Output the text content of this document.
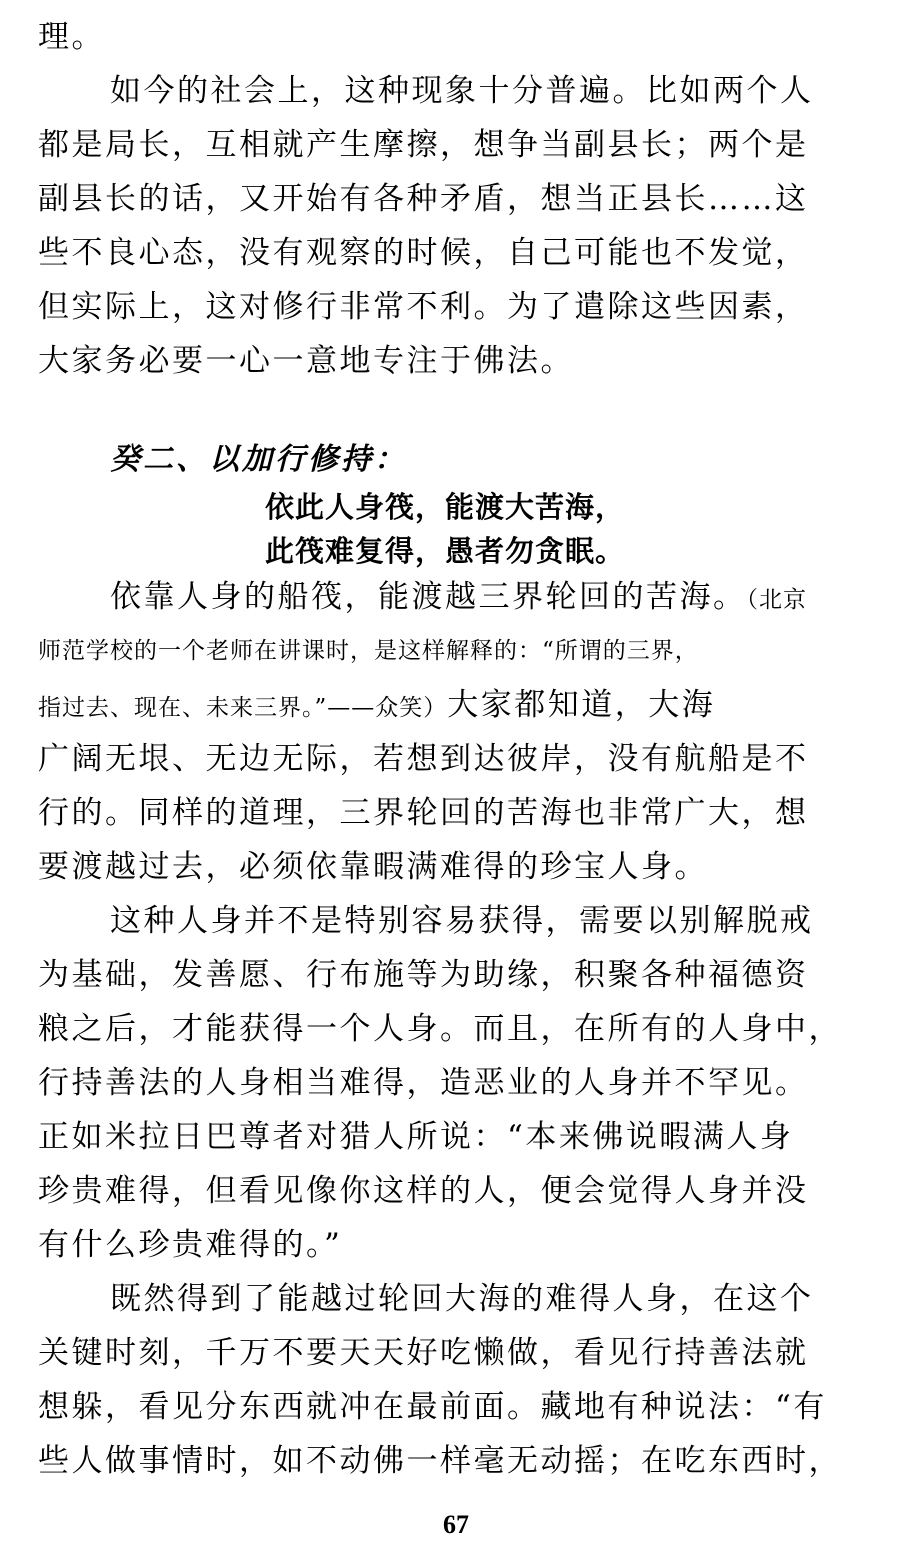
理。
如今的社会上，这种现象十分普遍。比如两个人
都是局长，互相就产生摩擦，想争当副县长；两个是
副县长的话，又开始有各种矛盾，想当正县长……这
些不良心态，没有观察的时候，自己可能也不发觉，
但实际上，这对修行非常不利。为了遣除这些因素，
大家务必要一心一意地专注于佛法。
癸二、以加行修持：
依此人身筏，能渡大苦海，
此筏难复得，愚者勿贪眠。
依靠人身的船筏，能渡越三界轮回的苦海。（北京
师范学校的一个老师在讲课时，是这样解释的：“所谓的三界，
指过去、现在、未来三界。”——众笑）大家都知道，大海
广阔无垠、无边无际，若想到达彼岸，没有航船是不
行的。同样的道理，三界轮回的苦海也非常广大，想
要渡越过去，必须依靠暇满难得的珍宝人身。
这种人身并不是特别容易获得，需要以别解脱戒
为基础，发善愿、行布施等为助缘，积聚各种福德资
粮之后，才能获得一个人身。而且，在所有的人身中，
行持善法的人身相当难得，造恶业的人身并不罕见。
正如米拉日巴尊者对猎人所说：“本来佛说暇满人身
珍贵难得，但看见像你这样的人，便会觉得人身并没
有什么珍贵难得的。”
既然得到了能越过轮回大海的难得人身，在这个
关键时刻，千万不要天天好吃懒做，看见行持善法就
想躲，看见分东西就冲在最前面。藏地有种说法：“有
些人做事情时，如不动佛一样毫无动摇；在吃东西时，
67
